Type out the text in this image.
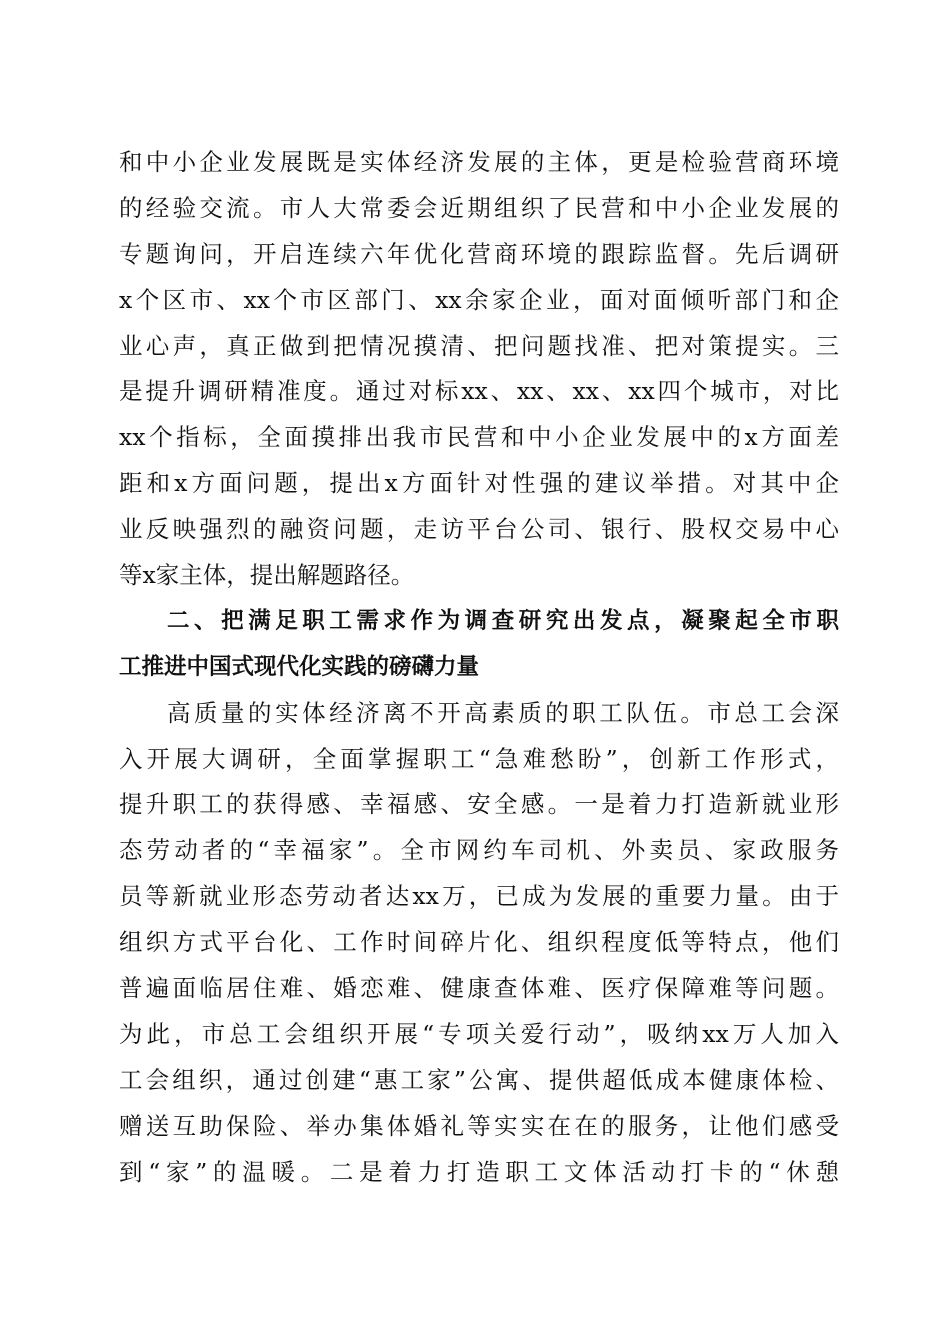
和中小企业发展既是实体经济发展的主体，更是检验营商环境
的经验交流。市人大常委会近期组织了民营和中小企业发展的
专题询问，开启连续六年优化营商环境的跟踪监督。先后调研
x个区市、xx个市区部门、xx余家企业，面对面倾听部门和企
业心声，真正做到把情况摸清、把问题找准、把对策提实。三
是提升调研精准度。通过对标xx、xx、xx、xx四个城市，对比
xx个指标，全面摸排出我市民营和中小企业发展中的x方面差
距和x方面问题，提出x方面针对性强的建议举措。对其中企
业反映强烈的融资问题，走访平台公司、银行、股权交易中心
等x家主体，提出解题路径。
二、把满足职工需求作为调查研究出发点，凝聚起全市职
工推进中国式现代化实践的磅礴力量
高质量的实体经济离不开高素质的职工队伍。市总工会深
入开展大调研，全面掌握职工“急难愁盼”，创新工作形式，
提升职工的获得感、幸福感、安全感。一是着力打造新就业形
态劳动者的“幸福家”。全市网约车司机、外卖员、家政服务
员等新就业形态劳动者达xx万，已成为发展的重要力量。由于
组织方式平台化、工作时间碎片化、组织程度低等特点，他们
普遍面临居住难、婚恋难、健康查体难、医疗保障难等问题。
为此，市总工会组织开展“专项关爱行动”，吸纳xx万人加入
工会组织，通过创建“惠工家”公寓、提供超低成本健康体检、
赠送互助保险、举办集体婚礼等实实在在的服务，让他们感受
到“家”的温暖。二是着力打造职工文体活动打卡的“休憩
